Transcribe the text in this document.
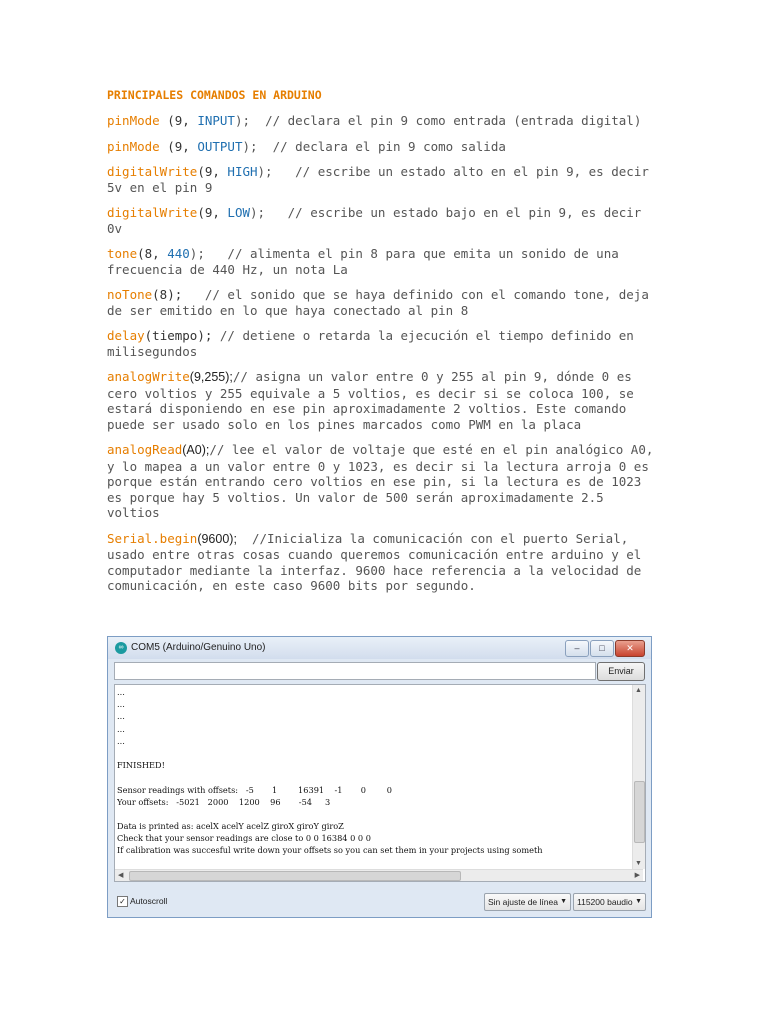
PRINCIPALES COMANDOS EN ARDUINO
pinMode (9, INPUT);  // declara el pin 9 como entrada (entrada digital)
pinMode (9, OUTPUT);  // declara el pin 9 como salida
digitalWrite(9, HIGH);   // escribe un estado alto en el pin 9, es decir
5v en el pin 9
digitalWrite(9, LOW);   // escribe un estado bajo en el pin 9, es decir
0v
tone(8, 440);   // alimenta el pin 8 para que emita un sonido de una
frecuencia de 440 Hz, un nota La
noTone(8);   // el sonido que se haya definido con el comando tone, deja
de ser emitido en lo que haya conectado al pin 8
delay(tiempo); // detiene o retarda la ejecución el tiempo definido en
milisegundos
analogWrite(9,255);// asigna un valor entre 0 y 255 al pin 9, dónde 0 es
cero voltios y 255 equivale a 5 voltios, es decir si se coloca 100, se
estará disponiendo en ese pin aproximadamente 2 voltios. Este comando
puede ser usado solo en los pines marcados como PWM en la placa
analogRead(A0);// lee el valor de voltaje que esté en el pin analógico A0,
y lo mapea a un valor entre 0 y 1023, es decir si la lectura arroja 0 es
porque están entrando cero voltios en ese pin, si la lectura es de 1023
es porque hay 5 voltios. Un valor de 500 serán aproximadamente 2.5
voltios
Serial.begin(9600);  //Inicializa la comunicación con el puerto Serial,
usado entre otras cosas cuando queremos comunicación entre arduino y el
computador mediante la interfaz. 9600 hace referencia a la velocidad de
comunicación, en este caso 9600 bits por segundo.
∞ COM5 (Arduino/Genuino Uno)	–	□	✕
Enviar
...
...
...
...
...
FINISHED!
Sensor readings with offsets:   -5       1        16391    -1       0        0
Your offsets:   -5021   2000    1200    96       -54     3
Data is printed as: acelX acelY acelZ giroX giroY giroZ
Check that your sensor readings are close to 0 0 16384 0 0 0
If calibration was succesful write down your offsets so you can set them in your projects using someth
▲
▼
◀	▶
✓ Autoscroll	Sin ajuste de línea ▼	115200 baudio ▼
